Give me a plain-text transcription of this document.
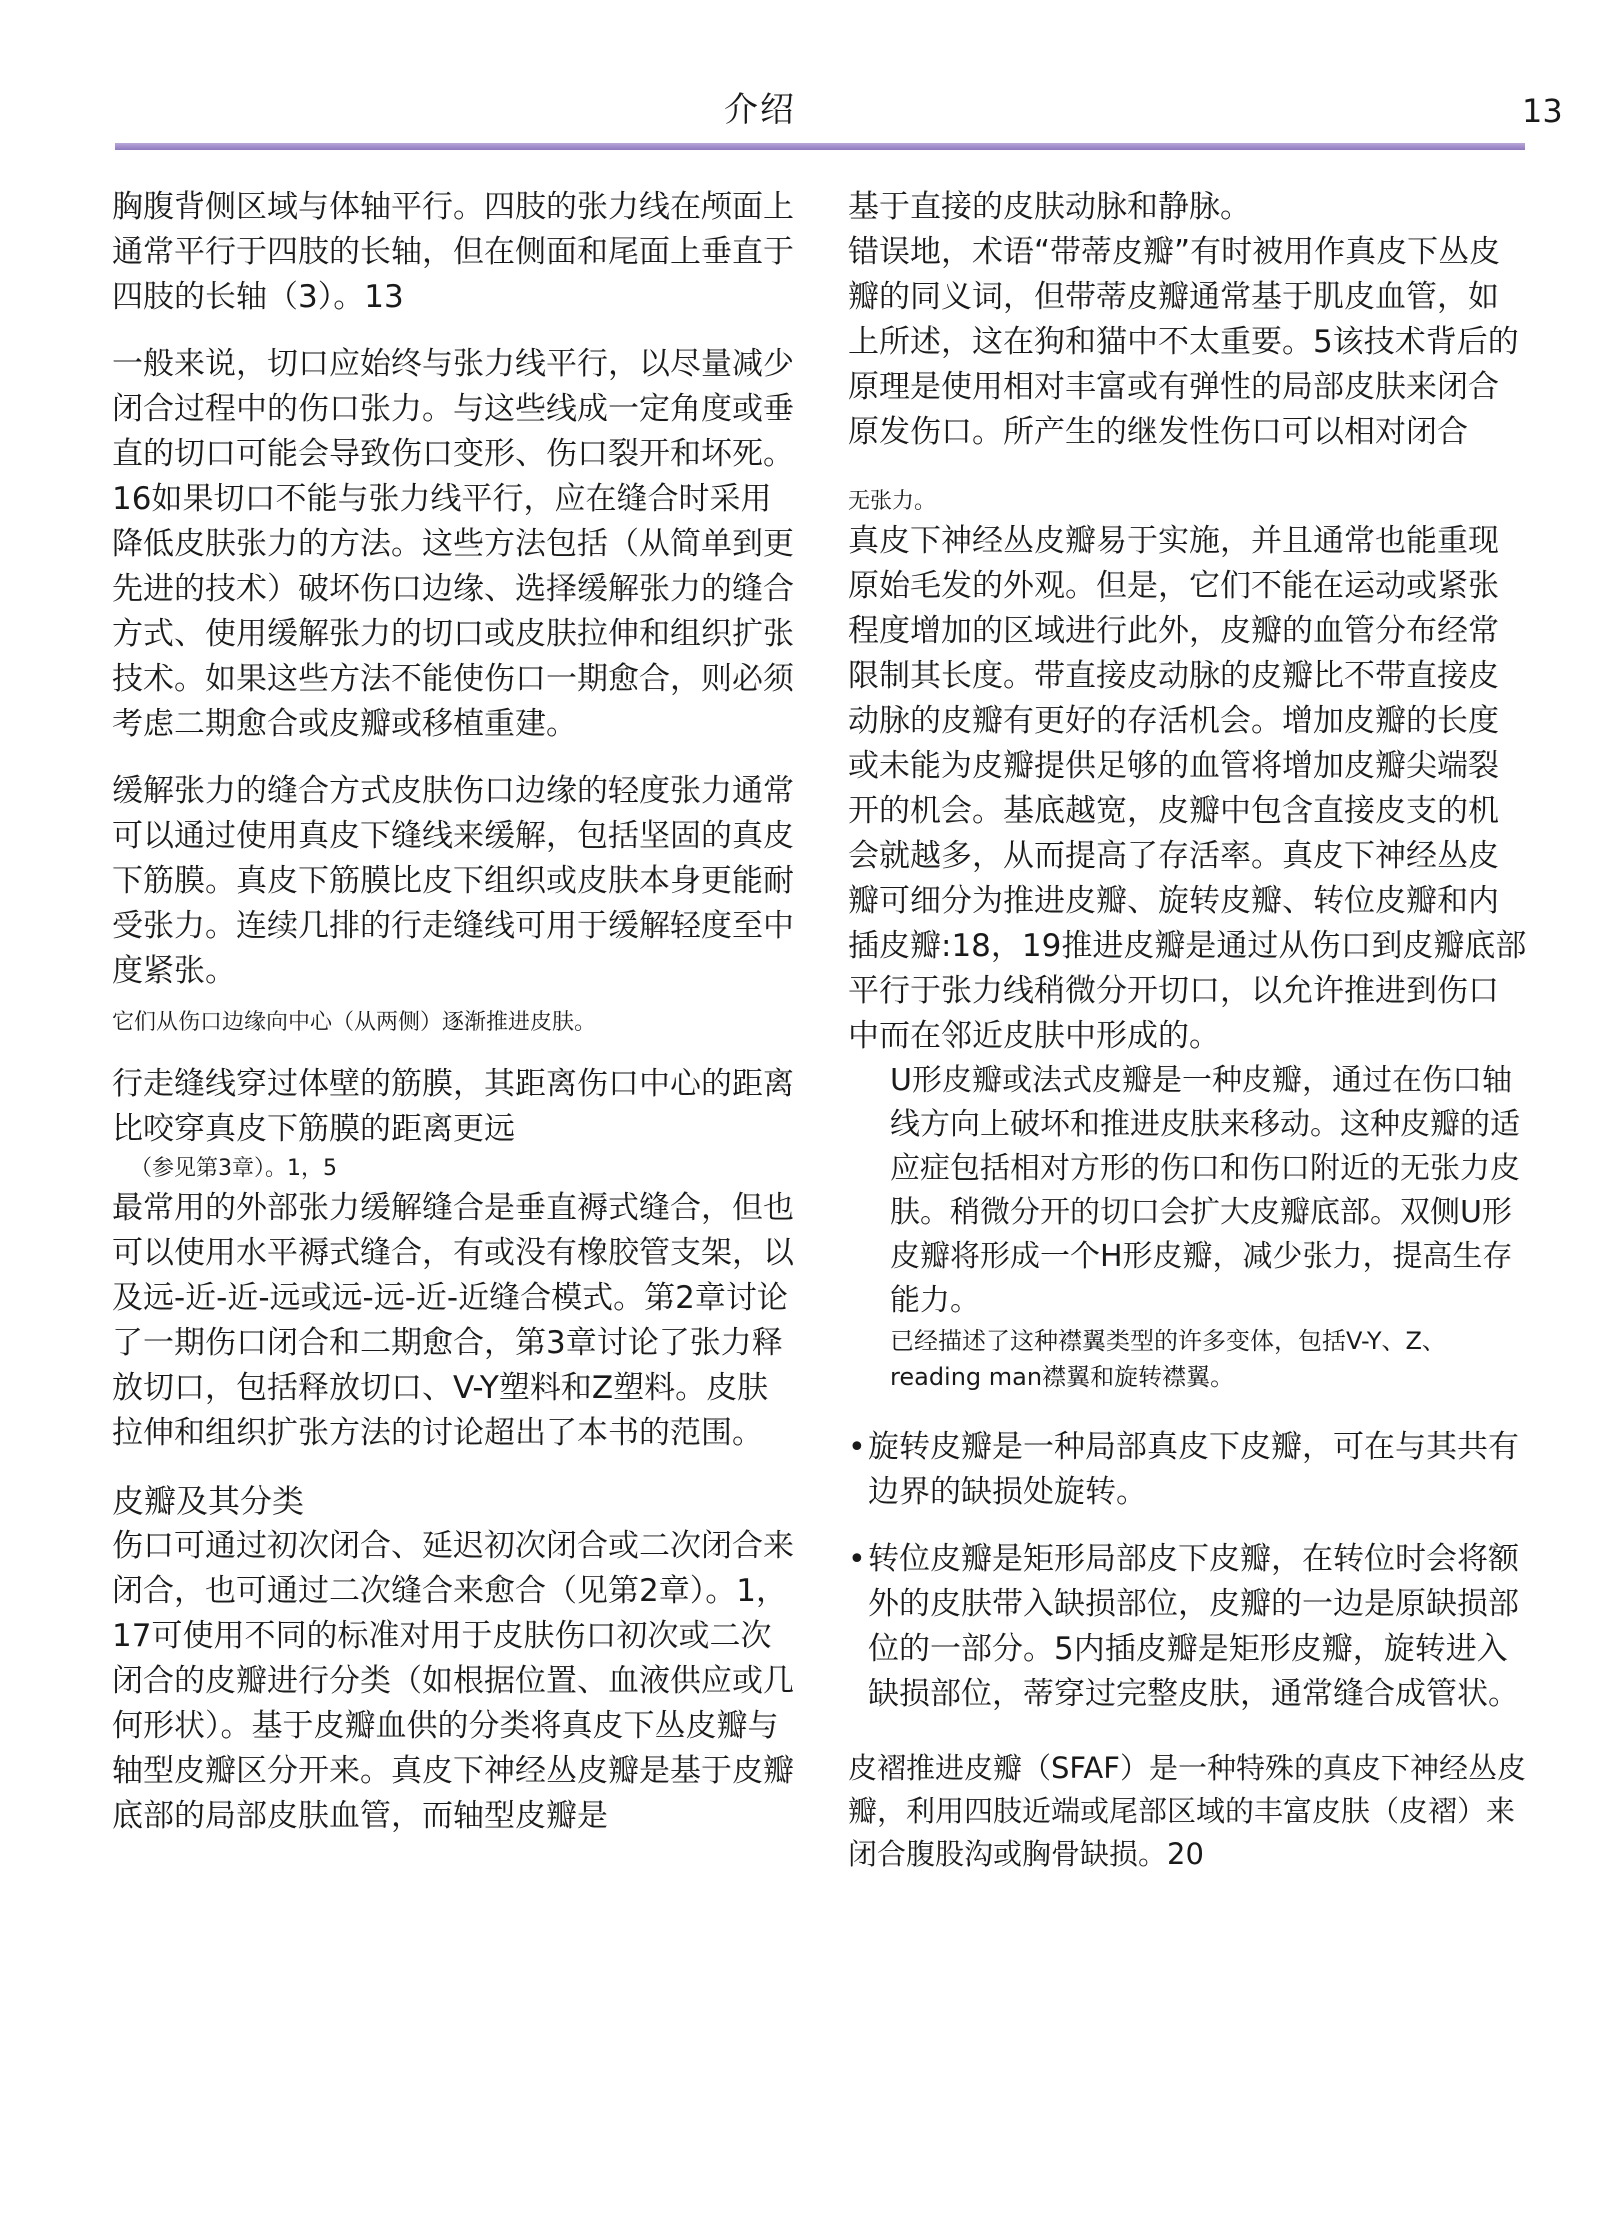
介绍	13

胸腹背侧区域与体轴平行。四肢的张力线在颅面上通常平行于四肢的长轴，但在侧面和尾面上垂直于四肢的长轴（3）。13

一般来说，切口应始终与张力线平行，以尽量减少闭合过程中的伤口张力。与这些线成一定角度或垂直的切口可能会导致伤口变形、伤口裂开和坏死。16如果切口不能与张力线平行，应在缝合时采用降低皮肤张力的方法。这些方法包括（从简单到更先进的技术）破坏伤口边缘、选择缓解张力的缝合方式、使用缓解张力的切口或皮肤拉伸和组织扩张技术。如果这些方法不能使伤口一期愈合，则必须考虑二期愈合或皮瓣或移植重建。

缓解张力的缝合方式皮肤伤口边缘的轻度张力通常可以通过使用真皮下缝线来缓解，包括坚固的真皮下筋膜。真皮下筋膜比皮下组织或皮肤本身更能耐受张力。连续几排的行走缝线可用于缓解轻度至中度紧张。

它们从伤口边缘向中心（从两侧）逐渐推进皮肤。

行走缝线穿过体壁的筋膜，其距离伤口中心的距离比咬穿真皮下筋膜的距离更远

（参见第3章）。1，5

最常用的外部张力缓解缝合是垂直褥式缝合，但也可以使用水平褥式缝合，有或没有橡胶管支架，以及远-近-近-远或远-远-近-近缝合模式。第2章讨论了一期伤口闭合和二期愈合，第3章讨论了张力释放切口，包括释放切口、V-Y塑料和Z塑料。皮肤拉伸和组织扩张方法的讨论超出了本书的范围。

皮瓣及其分类

伤口可通过初次闭合、延迟初次闭合或二次闭合来闭合，也可通过二次缝合来愈合（见第2章）。1，17可使用不同的标准对用于皮肤伤口初次或二次闭合的皮瓣进行分类（如根据位置、血液供应或几何形状）。基于皮瓣血供的分类将真皮下丛皮瓣与轴型皮瓣区分开来。真皮下神经丛皮瓣是基于皮瓣底部的局部皮肤血管，而轴型皮瓣是

基于直接的皮肤动脉和静脉。

错误地，术语“带蒂皮瓣”有时被用作真皮下丛皮瓣的同义词，但带蒂皮瓣通常基于肌皮血管，如上所述，这在狗和猫中不太重要。5该技术背后的原理是使用相对丰富或有弹性的局部皮肤来闭合原发伤口。所产生的继发性伤口可以相对闭合

无张力。

真皮下神经丛皮瓣易于实施，并且通常也能重现原始毛发的外观。但是，它们不能在运动或紧张程度增加的区域进行此外，皮瓣的血管分布经常限制其长度。带直接皮动脉的皮瓣比不带直接皮动脉的皮瓣有更好的存活机会。增加皮瓣的长度或未能为皮瓣提供足够的血管将增加皮瓣尖端裂开的机会。基底越宽，皮瓣中包含直接皮支的机会就越多，从而提高了存活率。真皮下神经丛皮瓣可细分为推进皮瓣、旋转皮瓣、转位皮瓣和内插皮瓣:18，19推进皮瓣是通过从伤口到皮瓣底部平行于张力线稍微分开切口，以允许推进到伤口中而在邻近皮肤中形成的。

U形皮瓣或法式皮瓣是一种皮瓣，通过在伤口轴线方向上破坏和推进皮肤来移动。这种皮瓣的适应症包括相对方形的伤口和伤口附近的无张力皮肤。稍微分开的切口会扩大皮瓣底部。双侧U形皮瓣将形成一个H形皮瓣，减少张力，提高生存能力。

已经描述了这种襟翼类型的许多变体，包括V-Y、Z、reading man襟翼和旋转襟翼。

• 旋转皮瓣是一种局部真皮下皮瓣，可在与其共有边界的缺损处旋转。

• 转位皮瓣是矩形局部皮下皮瓣，在转位时会将额外的皮肤带入缺损部位，皮瓣的一边是原缺损部位的一部分。5内插皮瓣是矩形皮瓣，旋转进入缺损部位，蒂穿过完整皮肤，通常缝合成管状。

皮褶推进皮瓣（SFAF）是一种特殊的真皮下神经丛皮瓣，利用四肢近端或尾部区域的丰富皮肤（皮褶）来闭合腹股沟或胸骨缺损。20
